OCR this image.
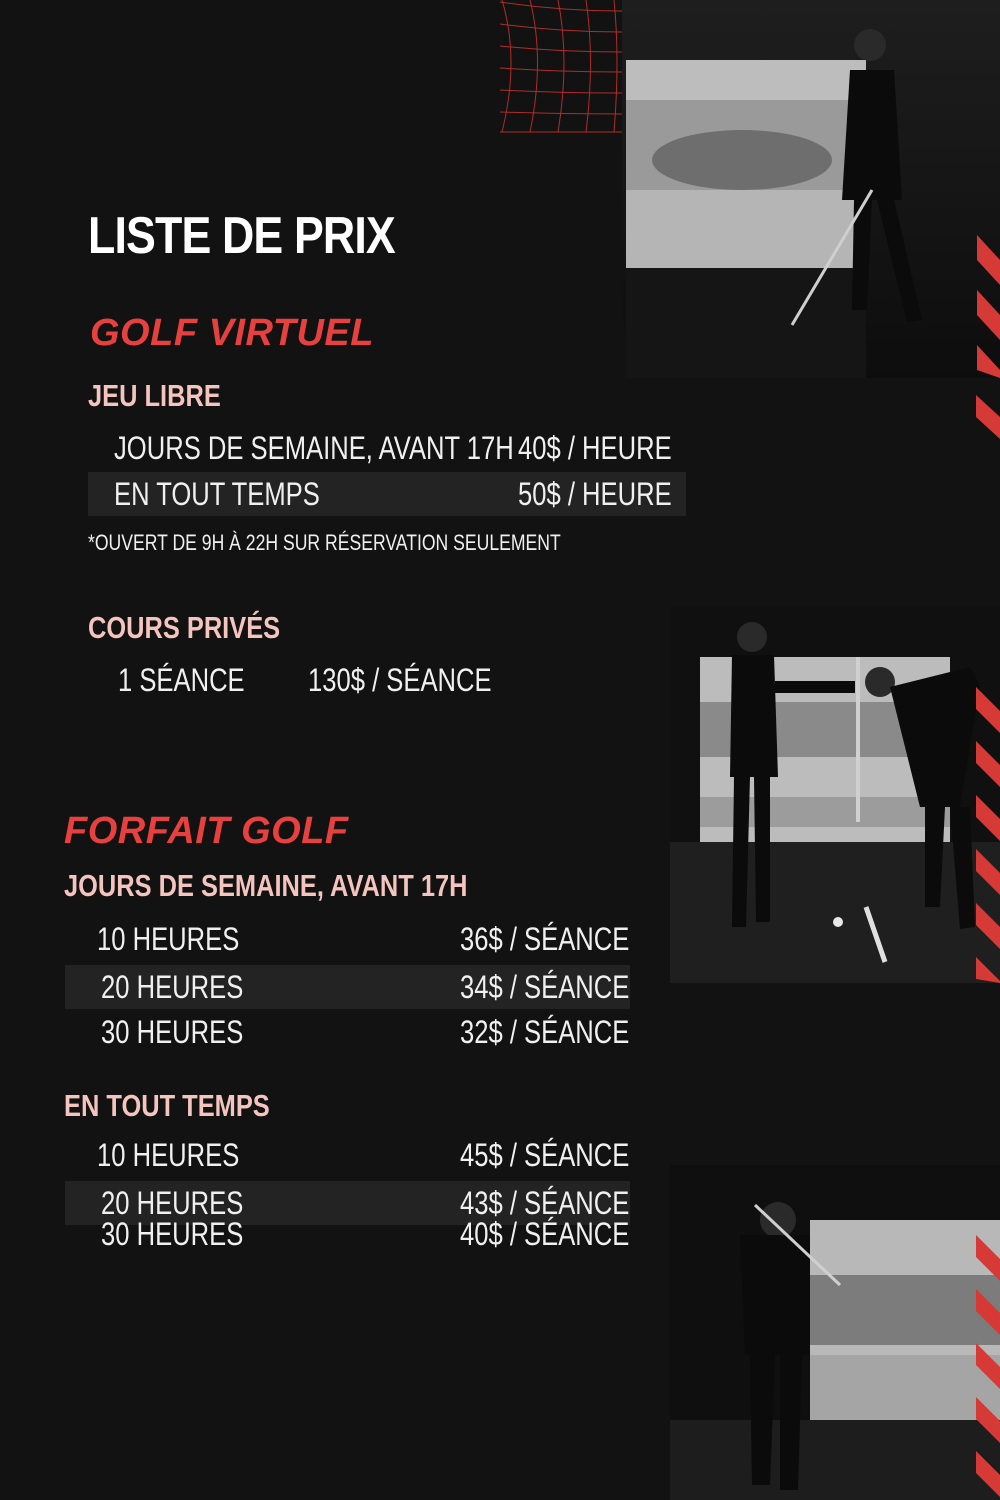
LISTE DE PRIX
GOLF VIRTUEL
JEU LIBRE
JOURS DE SEMAINE, AVANT 17H 40$ / HEURE
EN TOUT TEMPS	50$ / HEURE

*OUVERT DE 9H À 22H SUR RÉSERVATION SEULEMENT

COURS PRIVÉS
1 SÉANCE 130$ / SÉANCE
FORFAIT GOLF
JOURS DE SEMAINE, AVANT 17H
10 HEURES	36$ / SÉANCE
20 HEURES	34$ / SÉANCE
30 HEURES	32$ / SÉANCE
EN TOUT TEMPS
10 HEURES	45$ / SÉANCE
20 HEURES	43$ / SÉANCE
30 HEURES	40$ / SÉANCE
